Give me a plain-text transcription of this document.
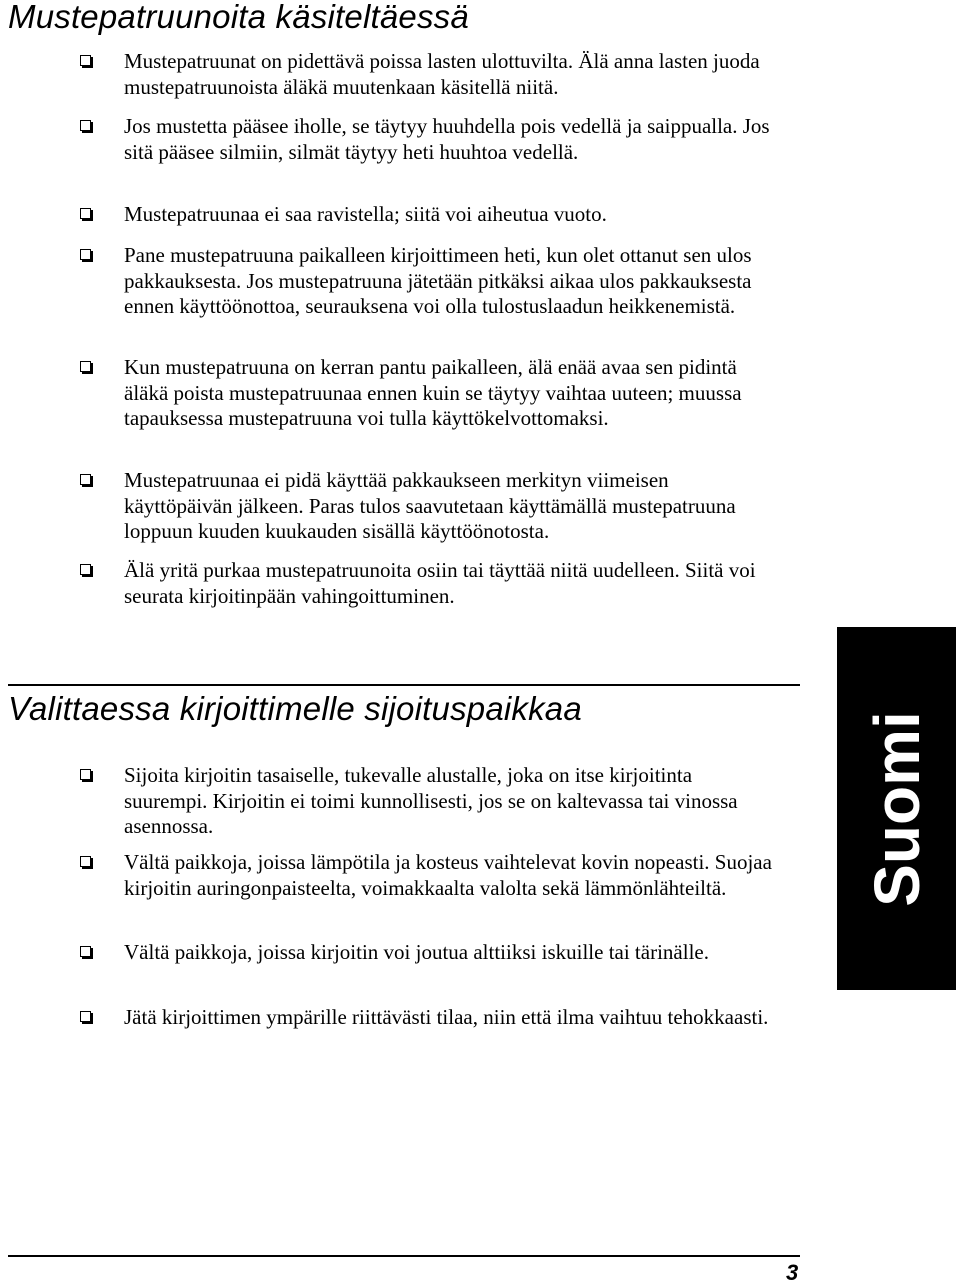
Mustepatruunoita käsiteltäessä
Mustepatruunat on pidettävä poissa lasten ulottuvilta. Älä anna lasten juoda mustepatruunoista äläkä muutenkaan käsitellä niitä.
Jos mustetta pääsee iholle, se täytyy huuhdella pois vedellä ja saippualla. Jos sitä pääsee silmiin, silmät täytyy heti huuhtoa vedellä.
Mustepatruunaa ei saa ravistella; siitä voi aiheutua vuoto.
Pane mustepatruuna paikalleen kirjoittimeen heti, kun olet ottanut sen ulos pakkauksesta. Jos mustepatruuna jätetään pitkäksi aikaa ulos pakkauksesta ennen käyttöönottoa, seurauksena voi olla tulostuslaadun heikkenemistä.
Kun mustepatruuna on kerran pantu paikalleen, älä enää avaa sen pidintä äläkä poista mustepatruunaa ennen kuin se täytyy vaihtaa uuteen; muussa tapauksessa mustepatruuna voi tulla käyttökelvottomaksi.
Mustepatruunaa ei pidä käyttää pakkaukseen merkityn viimeisen käyttöpäivän jälkeen. Paras tulos saavutetaan käyttämällä mustepatruuna loppuun kuuden kuukauden sisällä käyttöönotosta.
Älä yritä purkaa mustepatruunoita osiin tai täyttää niitä uudelleen. Siitä voi seurata kirjoitinpään vahingoittuminen.
Suomi
Valittaessa kirjoittimelle sijoituspaikkaa
Sijoita kirjoitin tasaiselle, tukevalle alustalle, joka on itse kirjoitinta suurempi. Kirjoitin ei toimi kunnollisesti, jos se on kaltevassa tai vinossa asennossa.
Vältä paikkoja, joissa lämpötila ja kosteus vaihtelevat kovin nopeasti. Suojaa kirjoitin auringonpaisteelta, voimakkaalta valolta sekä lämmönlähteiltä.
Vältä paikkoja, joissa kirjoitin voi joutua alttiiksi iskuille tai tärinälle.
Jätä kirjoittimen ympärille riittävästi tilaa, niin että ilma vaihtuu tehokkaasti.
3
